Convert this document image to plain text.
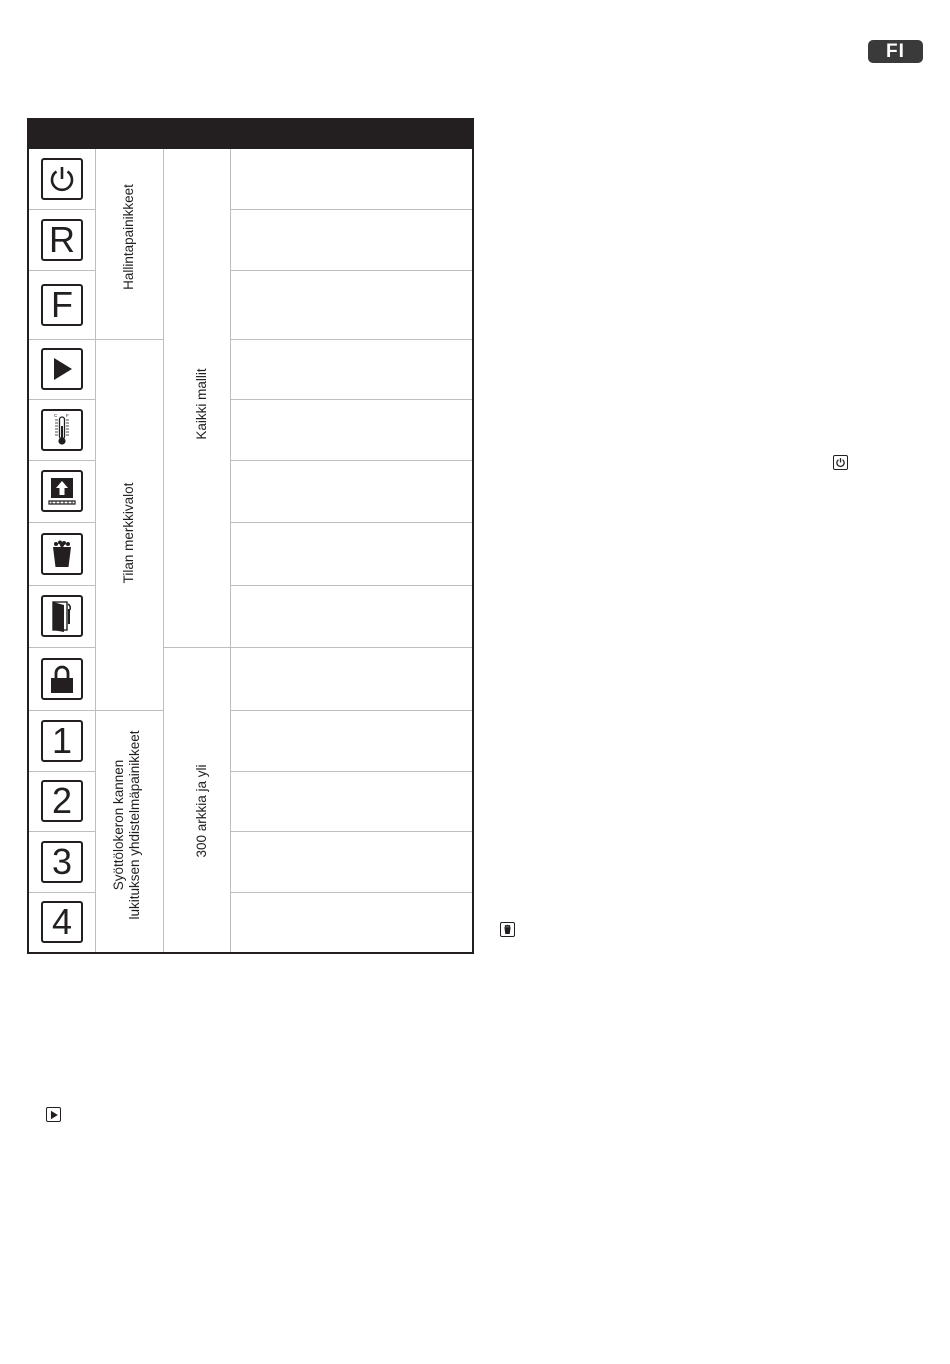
FI
R
F
C F
1
2
3
4
Hallintapainikkeet
Tilan merkkivalot
Syöttölokeron kannen lukituksen yhdistelmäpainikkeet
Kaikki mallit
300 arkkia ja yli
